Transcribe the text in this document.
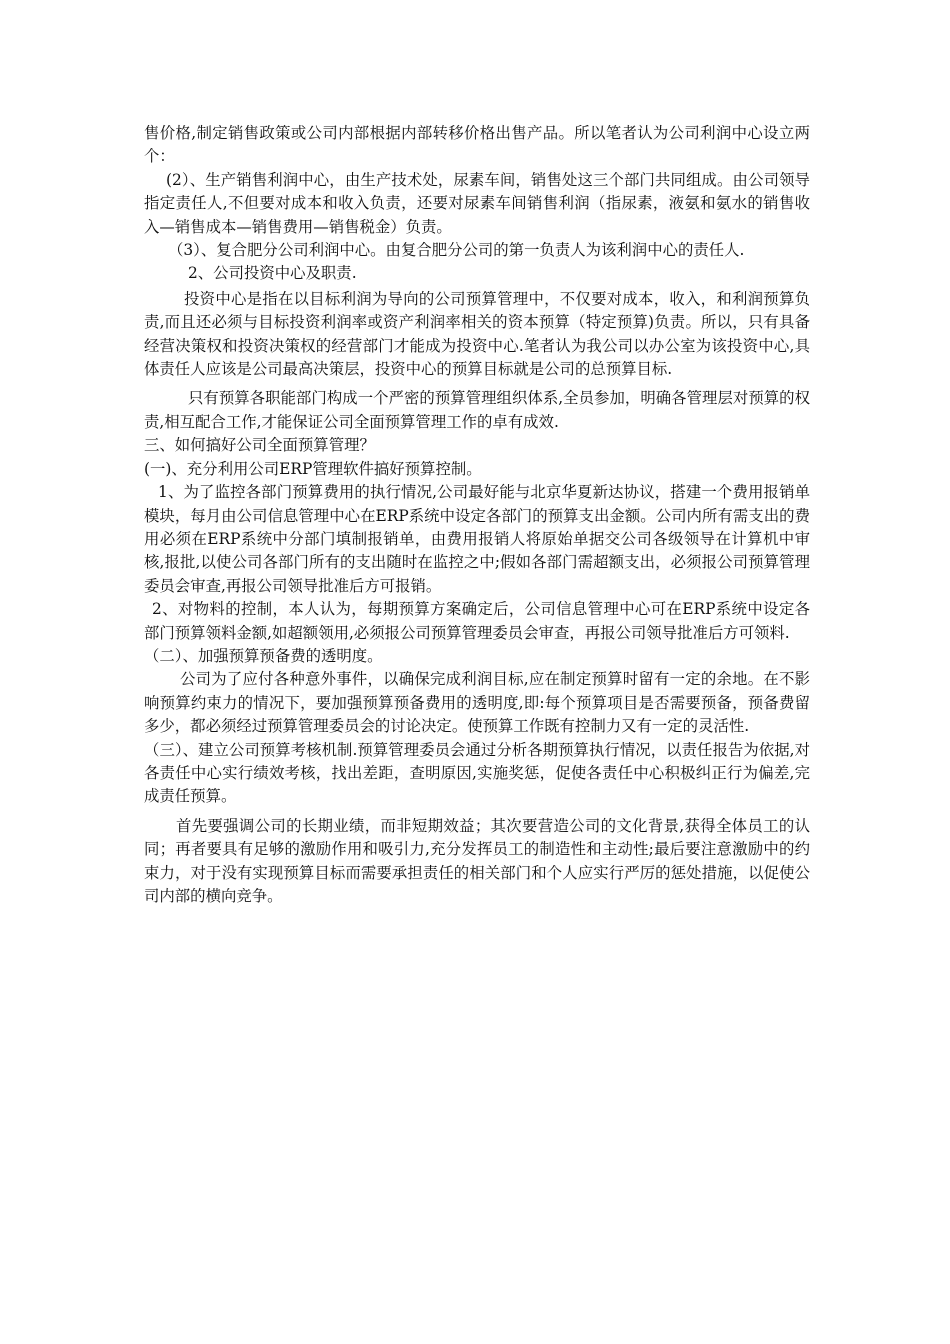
售价格,制定销售政策或公司内部根据内部转移价格出售产品。所以笔者认为公司利润中心设立两个：

(2）、生产销售利润中心，由生产技术处，尿素车间，销售处这三个部门共同组成。由公司领导指定责任人,不但要对成本和收入负责，还要对尿素车间销售利润（指尿素，液氨和氨水的销售收入—销售成本—销售费用—销售税金）负责。

（3）、复合肥分公司利润中心。由复合肥分公司的第一负责人为该利润中心的责任人.

2、公司投资中心及职责.

投资中心是指在以目标利润为导向的公司预算管理中，不仅要对成本，收入，和利润预算负责,而且还必须与目标投资利润率或资产利润率相关的资本预算（特定预算)负责。所以，只有具备经营决策权和投资决策权的经营部门才能成为投资中心.笔者认为我公司以办公室为该投资中心,具体责任人应该是公司最高决策层，投资中心的预算目标就是公司的总预算目标.

只有预算各职能部门构成一个严密的预算管理组织体系,全员参加，明确各管理层对预算的权责,相互配合工作,才能保证公司全面预算管理工作的卓有成效.

三、如何搞好公司全面预算管理？

(一)、充分利用公司ERP管理软件搞好预算控制。

1、为了监控各部门预算费用的执行情况,公司最好能与北京华夏新达协议，搭建一个费用报销单模块，每月由公司信息管理中心在ERP系统中设定各部门的预算支出金额。公司内所有需支出的费用必须在ERP系统中分部门填制报销单，由费用报销人将原始单据交公司各级领导在计算机中审核,报批,以使公司各部门所有的支出随时在监控之中;假如各部门需超额支出，必须报公司预算管理委员会审查,再报公司领导批准后方可报销。

2、对物料的控制，本人认为，每期预算方案确定后，公司信息管理中心可在ERP系统中设定各部门预算领料金额,如超额领用,必须报公司预算管理委员会审查，再报公司领导批准后方可领料.

（二）、加强预算预备费的透明度。

公司为了应付各种意外事件，以确保完成利润目标,应在制定预算时留有一定的余地。在不影响预算约束力的情况下，要加强预算预备费用的透明度,即:每个预算项目是否需要预备，预备费留多少，都必须经过预算管理委员会的讨论决定。使预算工作既有控制力又有一定的灵活性.

（三）、建立公司预算考核机制.预算管理委员会通过分析各期预算执行情况，以责任报告为依据,对各责任中心实行绩效考核，找出差距，查明原因,实施奖惩，促使各责任中心积极纠正行为偏差,完成责任预算。

首先要强调公司的长期业绩，而非短期效益；其次要营造公司的文化背景,获得全体员工的认同；再者要具有足够的激励作用和吸引力,充分发挥员工的制造性和主动性;最后要注意激励中的约束力，对于没有实现预算目标而需要承担责任的相关部门和个人应实行严厉的惩处措施，以促使公司内部的横向竞争。
